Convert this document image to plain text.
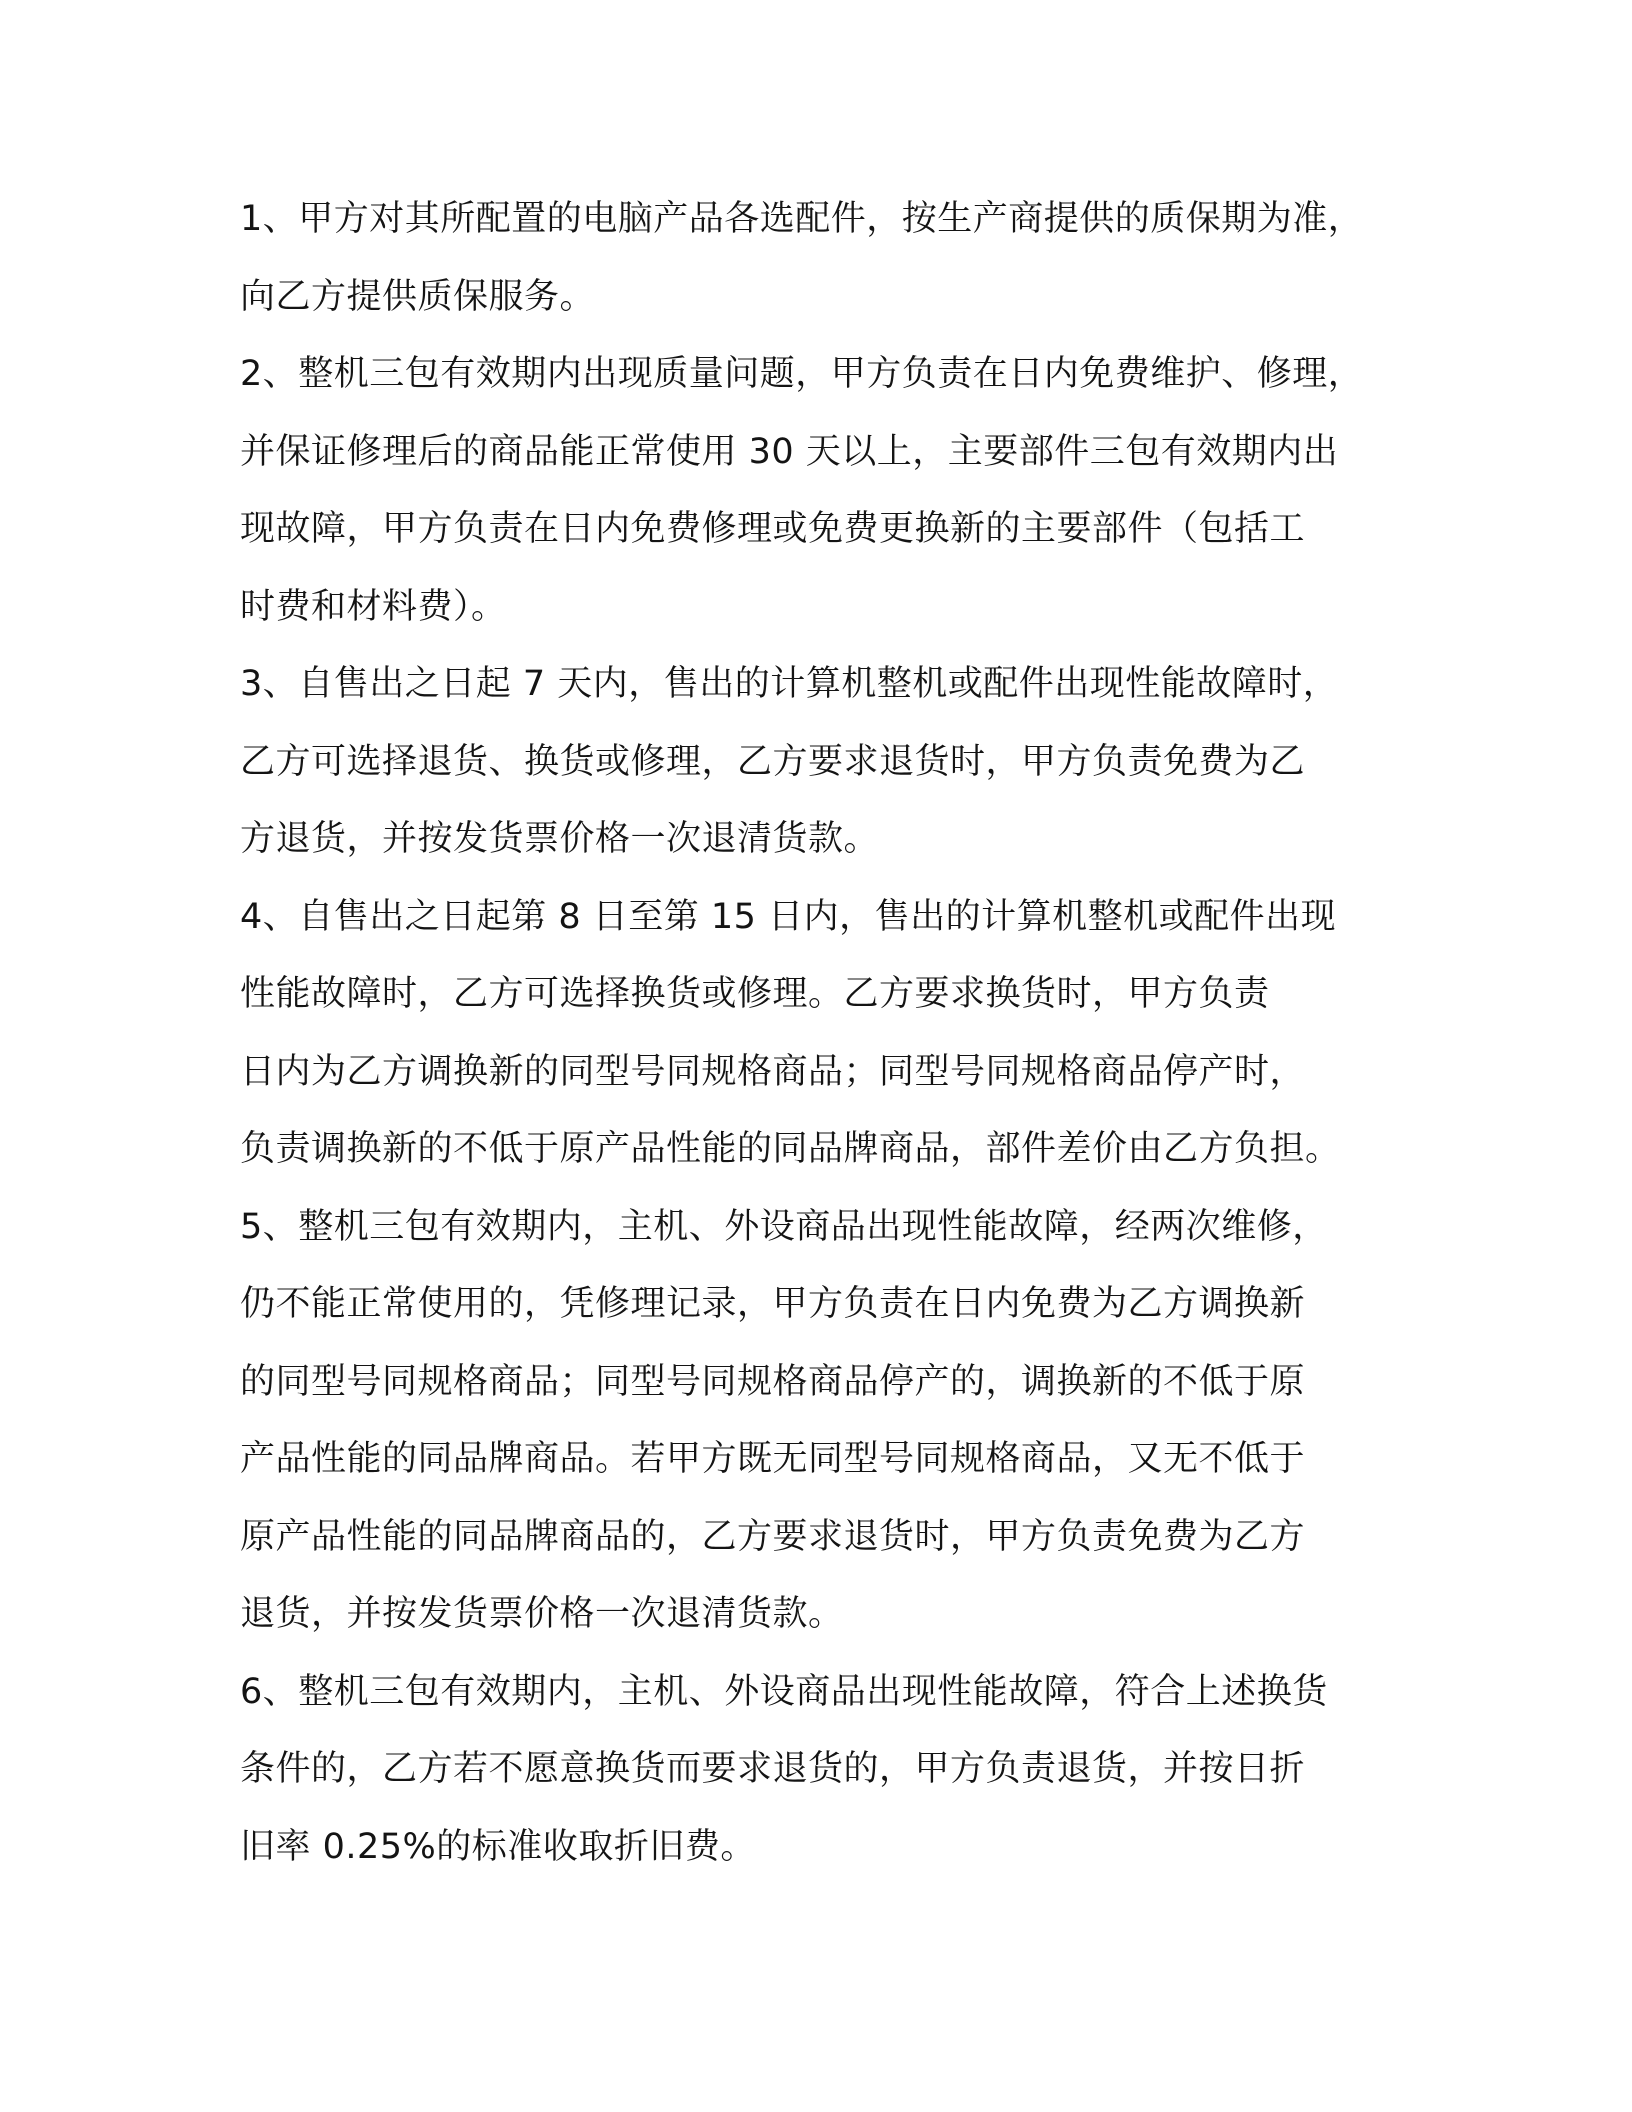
1、甲方对其所配置的电脑产品各选配件，按生产商提供的质保期为准，
向乙方提供质保服务。
2、整机三包有效期内出现质量问题，甲方负责在日内免费维护、修理，
并保证修理后的商品能正常使用 30 天以上，主要部件三包有效期内出
现故障，甲方负责在日内免费修理或免费更换新的主要部件（包括工
时费和材料费）。
3、自售出之日起 7 天内，售出的计算机整机或配件出现性能故障时，
乙方可选择退货、换货或修理，乙方要求退货时，甲方负责免费为乙
方退货，并按发货票价格一次退清货款。
4、自售出之日起第 8 日至第 15 日内，售出的计算机整机或配件出现
性能故障时，乙方可选择换货或修理。乙方要求换货时，甲方负责
日内为乙方调换新的同型号同规格商品；同型号同规格商品停产时，
负责调换新的不低于原产品性能的同品牌商品，部件差价由乙方负担。
5、整机三包有效期内，主机、外设商品出现性能故障，经两次维修，
仍不能正常使用的，凭修理记录，甲方负责在日内免费为乙方调换新
的同型号同规格商品；同型号同规格商品停产的，调换新的不低于原
产品性能的同品牌商品。若甲方既无同型号同规格商品，又无不低于
原产品性能的同品牌商品的，乙方要求退货时，甲方负责免费为乙方
退货，并按发货票价格一次退清货款。
6、整机三包有效期内，主机、外设商品出现性能故障，符合上述换货
条件的，乙方若不愿意换货而要求退货的，甲方负责退货，并按日折
旧率 0.25%的标准收取折旧费。
